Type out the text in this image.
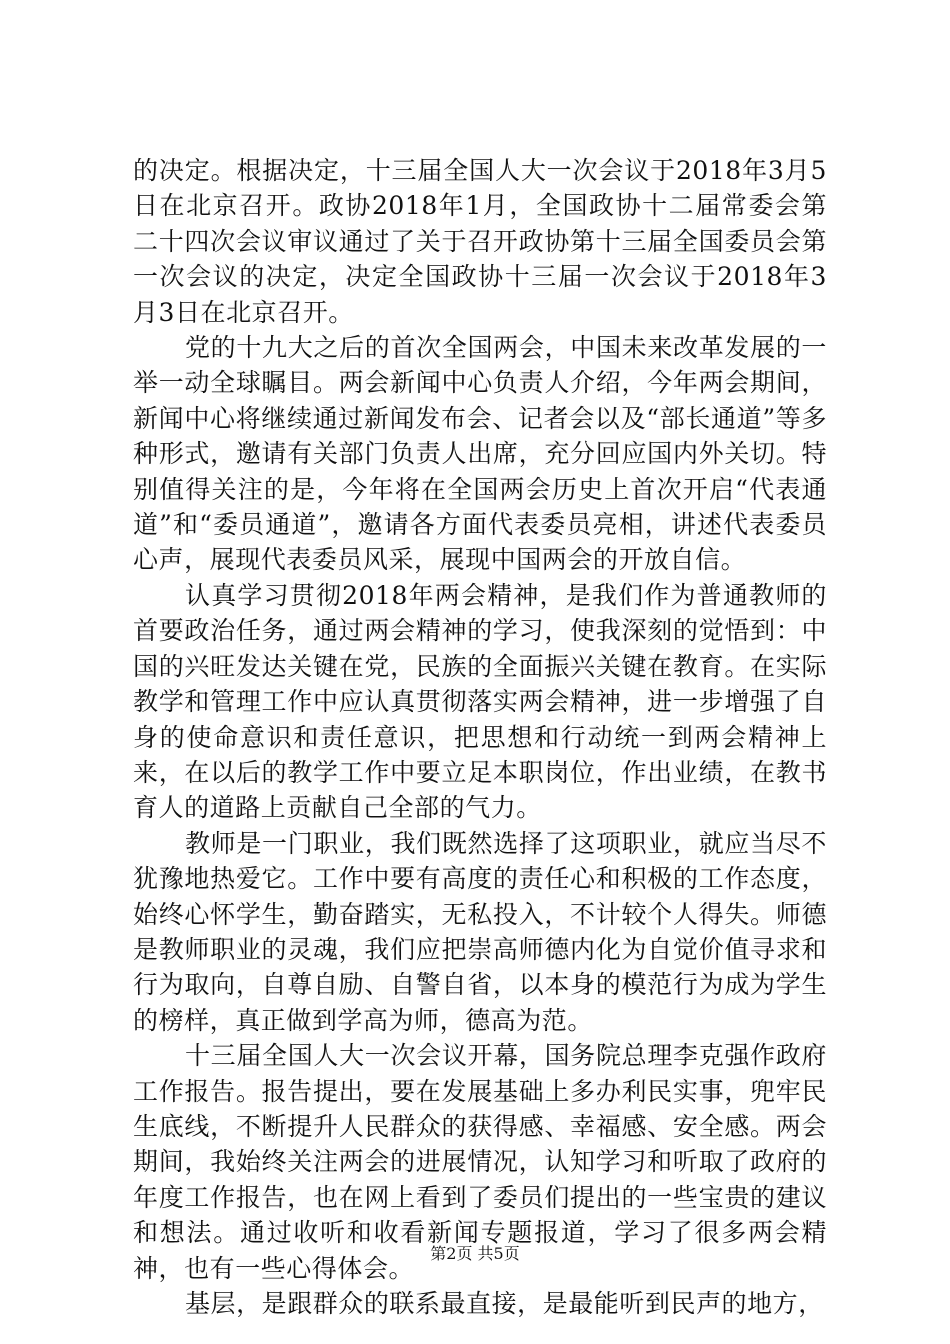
的决定。根据决定，十三届全国人大一次会议于2018年3月5日在北京召开。政协2018年1月，全国政协十二届常委会第二十四次会议审议通过了关于召开政协第十三届全国委员会第一次会议的决定，决定全国政协十三届一次会议于2018年3月3日在北京召开。

党的十九大之后的首次全国两会，中国未来改革发展的一举一动全球瞩目。两会新闻中心负责人介绍，今年两会期间，新闻中心将继续通过新闻发布会、记者会以及“部长通道”等多种形式，邀请有关部门负责人出席，充分回应国内外关切。特别值得关注的是，今年将在全国两会历史上首次开启“代表通道”和“委员通道”，邀请各方面代表委员亮相，讲述代表委员心声，展现代表委员风采，展现中国两会的开放自信。

认真学习贯彻2018年两会精神，是我们作为普通教师的首要政治任务，通过两会精神的学习，使我深刻的觉悟到：中国的兴旺发达关键在党，民族的全面振兴关键在教育。在实际教学和管理工作中应认真贯彻落实两会精神，进一步增强了自身的使命意识和责任意识，把思想和行动统一到两会精神上来，在以后的教学工作中要立足本职岗位，作出业绩，在教书育人的道路上贡献自己全部的气力。

教师是一门职业，我们既然选择了这项职业，就应当尽不犹豫地热爱它。工作中要有高度的责任心和积极的工作态度，始终心怀学生，勤奋踏实，无私投入，不计较个人得失。师德是教师职业的灵魂，我们应把崇高师德内化为自觉价值寻求和行为取向，自尊自励、自警自省，以本身的模范行为成为学生的榜样，真正做到学高为师，德高为范。

十三届全国人大一次会议开幕，国务院总理李克强作政府工作报告。报告提出，要在发展基础上多办利民实事，兜牢民生底线，不断提升人民群众的获得感、幸福感、安全感。两会期间，我始终关注两会的进展情况，认知学习和听取了政府的年度工作报告，也在网上看到了委员们提出的一些宝贵的建议和想法。通过收听和收看新闻专题报道，学习了很多两会精神，也有一些心得体会。

基层，是跟群众的联系最直接，是最能听到民声的地方，

第2页 共5页
